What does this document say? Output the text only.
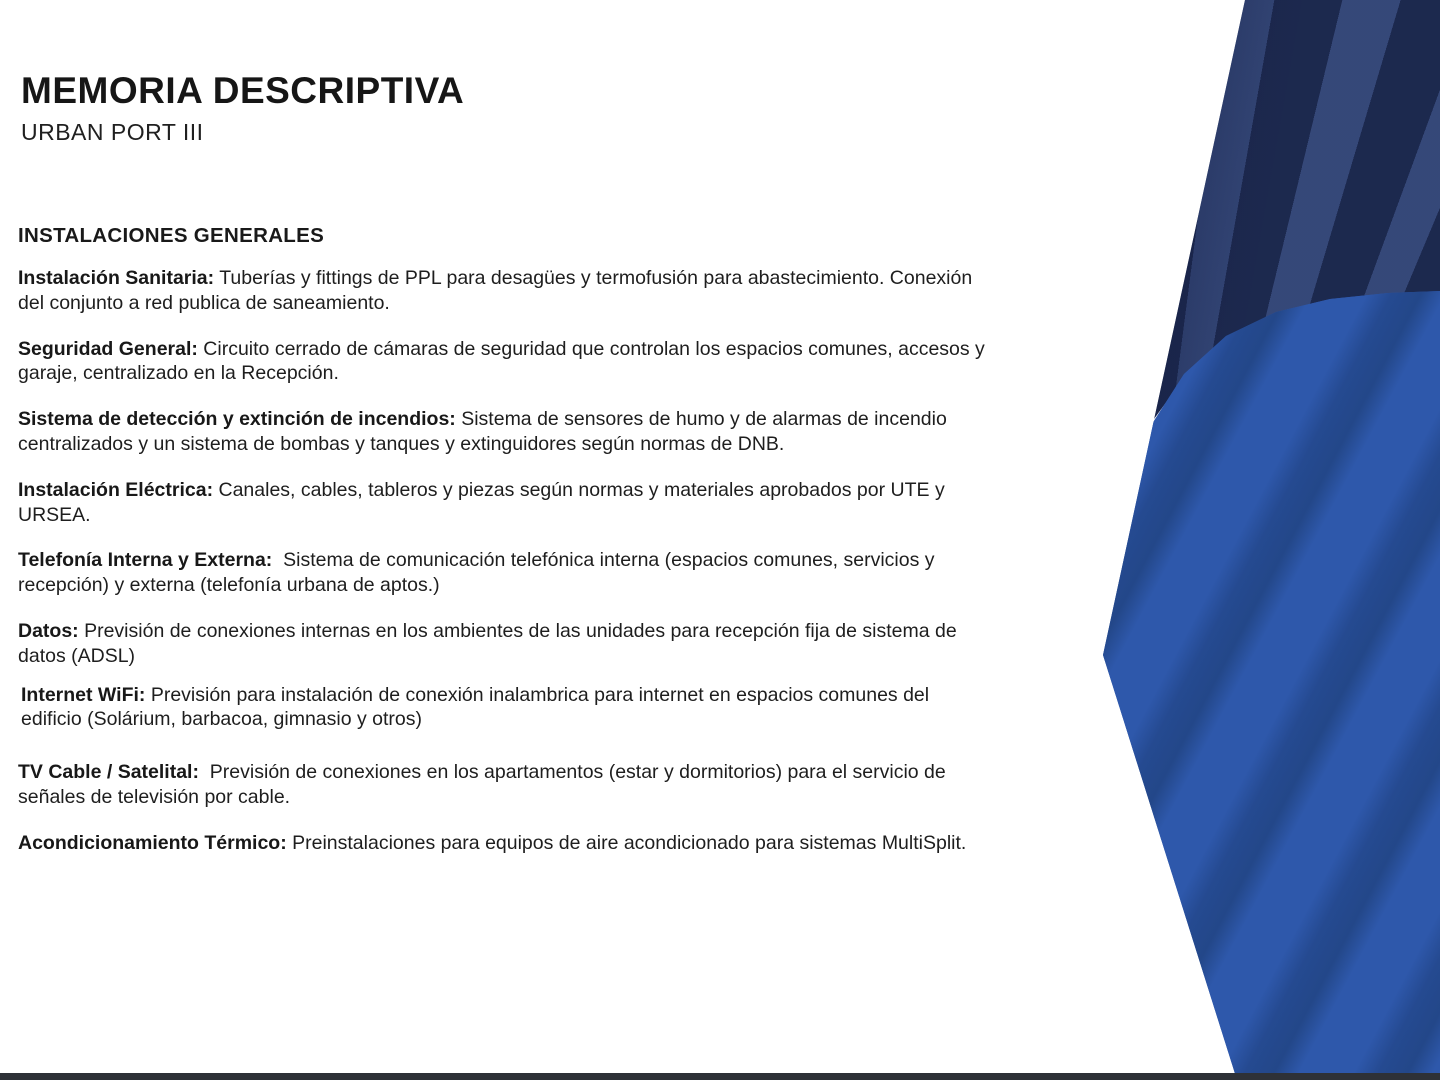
MEMORIA DESCRIPTIVA
URBAN PORT III
INSTALACIONES GENERALES

Instalación Sanitaria: Tuberías y fittings de PPL para desagües y termofusión para abastecimiento. Conexión del conjunto a red publica de saneamiento.

Seguridad General: Circuito cerrado de cámaras de seguridad que controlan los espacios comunes, accesos y garaje, centralizado en la Recepción.

Sistema de detección y extinción de incendios: Sistema de sensores de humo y de alarmas de incendio centralizados y un sistema de bombas y tanques y extinguidores según normas de DNB.

Instalación Eléctrica: Canales, cables, tableros y piezas según normas y materiales aprobados por UTE y URSEA.

Telefonía Interna y Externa:  Sistema de comunicación telefónica interna (espacios comunes, servicios y recepción) y externa (telefonía urbana de aptos.)

Datos: Previsión de conexiones internas en los ambientes de las unidades para recepción fija de sistema de datos (ADSL)

Internet WiFi: Previsión para instalación de conexión inalambrica para internet en espacios comunes del edificio (Solárium, barbacoa, gimnasio y otros)

TV Cable / Satelital:  Previsión de conexiones en los apartamentos (estar y dormitorios) para el servicio de señales de televisión por cable.

Acondicionamiento Térmico: Preinstalaciones para equipos de aire acondicionado para sistemas MultiSplit.
